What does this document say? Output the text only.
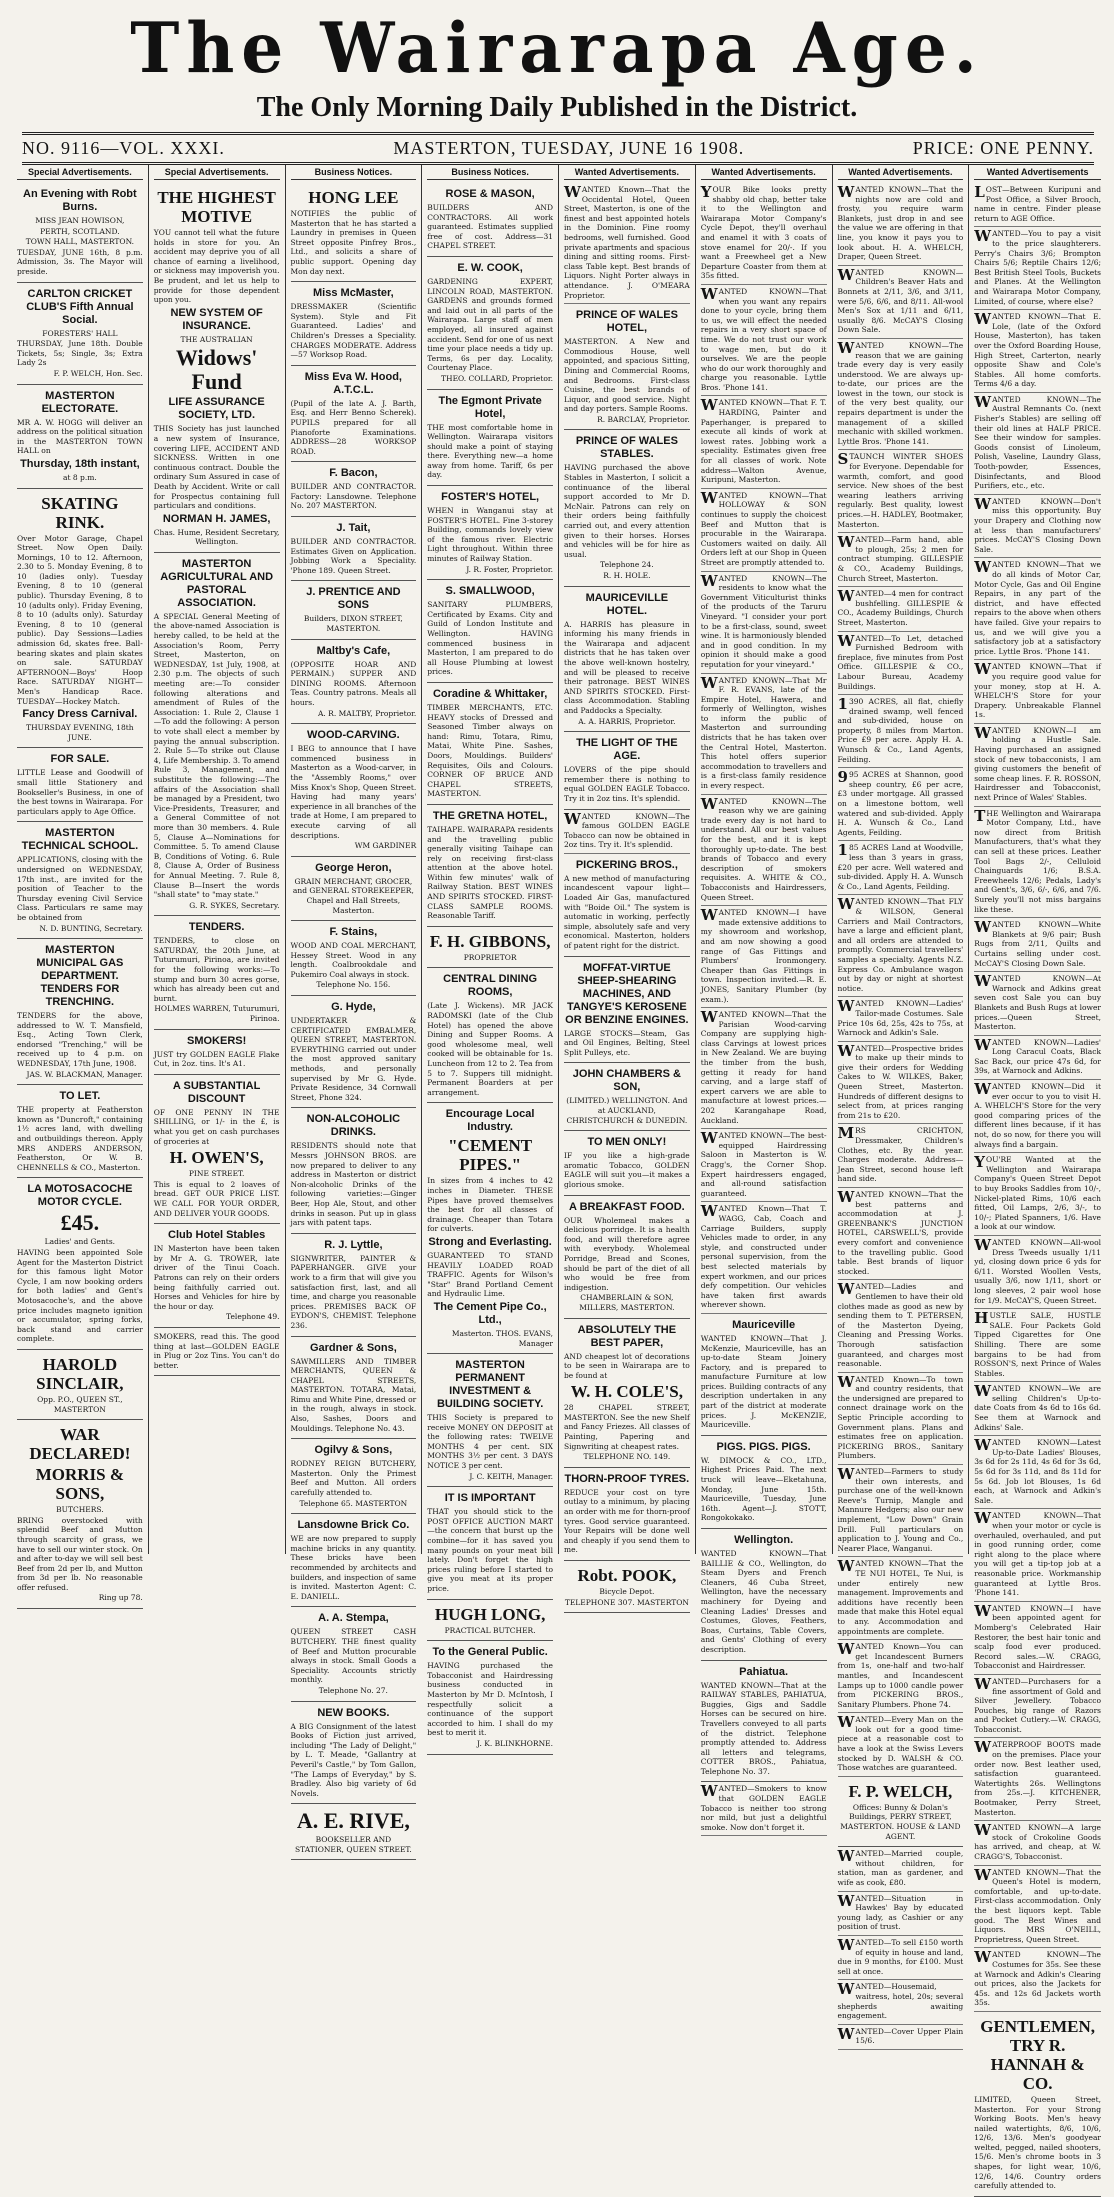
The Wairarapa Age.
The Only Morning Daily Published in the District.
NO. 9116—VOL. XXXI.	MASTERTON, TUESDAY, JUNE 16 1908.	PRICE: ONE PENNY.
Special Advertisements.
An Evening with Robt Burns.

MISS JEAN HOWISON,

PERTH, SCOTLAND.

TOWN HALL, MASTERTON.

TUESDAY, JUNE 16th, 8 p.m. Admission, 3s. The Mayor will preside.

CARLTON CRICKET CLUB'S Fifth Annual Social.

FORESTERS' HALL

THURSDAY, June 18th. Double Tickets, 5s; Single, 3s; Extra Lady 2s

F. P. WELCH, Hon. Sec.

MASTERTON ELECTORATE.

MR A. W. HOGG will deliver an address on the political situation in the MASTERTON TOWN HALL on

Thursday, 18th instant,

at 8 p.m.

SKATING RINK.

Over Motor Garage, Chapel Street. Now Open Daily. Mornings, 10 to 12. Afternoon, 2.30 to 5. Monday Evening, 8 to 10 (ladies only). Tuesday Evening, 8 to 10 (general public). Thursday Evening, 8 to 10 (adults only). Friday Evening, 8 to 10 (adults only). Saturday Evening, 8 to 10 (general public). Day Sessions—Ladies admission 6d, skates free. Ball-bearing skates and plain skates on sale. SATURDAY AFTERNOON—Boys' Hoop Race. SATURDAY NIGHT—Men's Handicap Race. TUESDAY—Hockey Match.

Fancy Dress Carnival.

THURSDAY EVENING, 18th JUNE.

FOR SALE.

LITTLE Lease and Goodwill of small little Stationery and Bookseller's Business, in one of the best towns in Wairarapa. For particulars apply to Age Office.

MASTERTON TECHNICAL SCHOOL.

APPLICATIONS, closing with the undersigned on WEDNESDAY, 17th inst., are invited for the position of Teacher to the Thursday evening Civil Service Class. Particulars re same may be obtained from

N. D. BUNTING, Secretary.

MASTERTON MUNICIPAL GAS DEPARTMENT. TENDERS FOR TRENCHING.

TENDERS for the above, addressed to W. T. Mansfield, Esq., Acting Town Clerk, endorsed "Trenching," will be received up to 4 p.m. on WEDNESDAY, 17th June, 1908.

JAS. W. BLACKMAN, Manager.

TO LET.

THE property at Featherston known as "Duncroft," containing 1½ acres land, with dwelling and outbuildings thereon. Apply MRS ANDERS ANDERSON, Featherston, Or W. B. CHENNELLS & CO., Masterton.

LA MOTOSACOCHE MOTOR CYCLE.
£45.

Ladies' and Gents.

HAVING been appointed Sole Agent for the Masterton District for this famous light Motor Cycle, I am now booking orders for both ladies' and Gent's Motosacoche's, and the above price includes magneto ignition or accumulator, spring forks, back stand and carrier complete.

HAROLD SINCLAIR,

Opp. P.O., QUEEN ST., MASTERTON

WAR DECLARED!
MORRIS & SONS,

BUTCHERS.

BRING overstocked with splendid Beef and Mutton through scarcity of grass, we have to sell our winter stock. On and after to-day we will sell best Beef from 2d per lb, and Mutton from 3d per lb. No reasonable offer refused.

Ring up 78.

Special Advertisements.
THE HIGHEST MOTIVE

YOU cannot tell what the future holds in store for you. An accident may deprive you of all chance of earning a livelihood, or sickness may impoverish you. Be prudent, and let us help to provide for those dependent upon you.

NEW SYSTEM OF INSURANCE.

THE AUSTRALIAN

Widows' Fund
LIFE ASSURANCE SOCIETY, LTD.

THIS Society has just launched a new system of Insurance, covering LIFE, ACCIDENT AND SICKNESS. Written in one continuous contract. Double the ordinary Sum Assured in case of Death by Accident. Write or call for Prospectus containing full particulars and conditions.

NORMAN H. JAMES,

Chas. Hume, Resident Secretary, Wellington.

MASTERTON AGRICULTURAL AND PASTORAL ASSOCIATION.

A SPECIAL General Meeting of the above-named Association is hereby called, to be held at the Association's Room, Perry Street, Masterton, on WEDNESDAY, 1st July, 1908, at 2.30 p.m. The objects of such meeting are:—To consider following alterations and amendment of Rules of the Association: 1. Rule 2, Clause 1—To add the following: A person to vote shall elect a member by paying the annual subscription. 2. Rule 5—To strike out Clause 4, Life Membership. 3. To amend Rule 3, Management, and substitute the following:—The affairs of the Association shall be managed by a President, two Vice-Presidents, Treasurer, and a General Committee of not more than 30 members. 4. Rule 5, Clause A—Nominations for Committee. 5. To amend Clause B, Conditions of Voting. 6. Rule 8, Clause A, Order of Business for Annual Meeting. 7. Rule 8, Clause B—Insert the words "shall state" to "may state."

G. R. SYKES, Secretary.

TENDERS.

TENDERS, to close on SATURDAY, the 20th June, at Tuturumuri, Pirinoa, are invited for the following works:—To stump and burn 30 acres gorse, which has already been cut and burnt.

HOLMES WARREN, Tuturumuri, Pirinoa.

SMOKERS!

JUST try GOLDEN EAGLE Flake Cut, in 2oz. tins. It's A1.

A SUBSTANTIAL DISCOUNT

OF ONE PENNY IN THE SHILLING, or 1/- in the £, is what you get on cash purchases of groceries at

H. OWEN'S,

PINE STREET.

This is equal to 2 loaves of bread. GET OUR PRICE LIST. WE CALL FOR YOUR ORDER, AND DELIVER YOUR GOODS.

Club Hotel Stables

IN Masterton have been taken by Mr A. G. TROWER, late driver of the Tinui Coach. Patrons can rely on their orders being faithfully carried out. Horses and Vehicles for hire by the hour or day.

Telephone 49.

SMOKERS, read this. The good thing at last—GOLDEN EAGLE in Plug or 2oz Tins. You can't do better.

Business Notices.
HONG LEE

NOTIFIES the public of Masterton that he has started a Laundry in premises in Queen Street opposite Pinfrey Bros., Ltd., and solicits a share of public support. Opening day Mon day next.

Miss McMaster,

DRESSMAKER (Scientific System). Style and Fit Guaranteed. Ladies' and Children's Dresses a Speciality. CHARGES MODERATE. Address—57 Worksop Road.

Miss Eva W. Hood, A.T.C.L.

(Pupil of the late A. J. Barth, Esq. and Herr Benno Scherek). PUPILS prepared for all Pianoforte Examinations. ADDRESS—28 WORKSOP ROAD.

F. Bacon,

BUILDER AND CONTRACTOR. Factory: Lansdowne. Telephone No. 207 MASTERTON.

J. Tait,

BUILDER AND CONTRACTOR. Estimates Given on Application. Jobbing Work a Speciality. 'Phone 189. Queen Street.

J. PRENTICE AND SONS

Builders, DIXON STREET, MASTERTON.

Maltby's Cafe,

(OPPOSITE HOAR AND PERMAIN.) SUPPER AND DINING ROOMS. Afternoon Teas. Country patrons. Meals all hours.

A. R. MALTBY, Proprietor.

WOOD-CARVING.

I BEG to announce that I have commenced business in Masterton as a Wood-carver, in the "Assembly Rooms," over Miss Knox's Shop, Queen Street. Having had many years' experience in all branches of the trade at Home, I am prepared to execute carving of all descriptions.

WM GARDINER

George Heron,

GRAIN MERCHANT, GROCER, and GENERAL STOREKEEPER, Chapel and Hall Streets, Masterton.

F. Stains,

WOOD AND COAL MERCHANT, Hessey Street. Wood in any length. Coalbrookdale and Pukemiro Coal always in stock.

Telephone No. 156.

G. Hyde,

UNDERTAKER & CERTIFICATED EMBALMER, QUEEN STREET, MASTERTON. EVERYTHING carried out under the most approved sanitary methods, and personally supervised by Mr G. Hyde. Private Residence, 34 Cornwall Street, Phone 324.

NON-ALCOHOLIC DRINKS.

RESIDENTS should note that Messrs JOHNSON BROS. are now prepared to deliver to any address in Masterton or district Non-alcoholic Drinks of the following varieties:—Ginger Beer, Hop Ale, Stout, and other drinks in season. Put up in glass jars with patent taps.

R. J. Lyttle,

SIGNWRITER, PAINTER & PAPERHANGER. GIVE your work to a firm that will give you satisfaction first, last, and all time, and charge you reasonable prices. PREMISES BACK OF EYDON'S, CHEMIST. Telephone 236.

Gardner & Sons,

SAWMILLERS AND TIMBER MERCHANTS, QUEEN & CHAPEL STREETS, MASTERTON. TOTARA, Matai, Rimu and White Pine, dressed or in the rough, always in stock. Also, Sashes, Doors and Mouldings. Telephone No. 43.

Ogilvy & Sons,

RODNEY REIGN BUTCHERY, Masterton. Only the Primest Beef and Mutton. All orders carefully attended to.

Telephone 65. MASTERTON

Lansdowne Brick Co.

WE are now prepared to supply machine bricks in any quantity. These bricks have been recommended by architects and builders, and inspection of same is invited. Masterton Agent: C. E. DANIELL.

A. A. Stempa,

QUEEN STREET CASH BUTCHERY. THE finest quality of Beef and Mutton procurable always in stock. Small Goods a Speciality. Accounts strictly monthly.

Telephone No. 27.

NEW BOOKS.

A BIG Consignment of the latest Books of Fiction just arrived, including "The Lady of Delight," by L. T. Meade, "Gallantry at Peveril's Castle," by Tom Gallon, "The Lamps of Everyday," by S. Bradley. Also big variety of 6d Novels.

A. E. RIVE,

BOOKSELLER AND STATIONER, QUEEN STREET.

Business Notices.
ROSE & MASON,

BUILDERS AND CONTRACTORS. All work guaranteed. Estimates supplied free of cost. Address—31 CHAPEL STREET.

E. W. COOK,

GARDENING EXPERT, LINCOLN ROAD, MASTERTON. GARDENS and grounds formed and laid out in all parts of the Wairarapa. Large staff of men employed, all insured against accident. Send for one of us next time your place needs a tidy up. Terms, 6s per day. Locality, Courtenay Place.

THEO. COLLARD, Proprietor.

The Egmont Private Hotel,

THE most comfortable home in Wellington. Wairarapa visitors should make a point of staying there. Everything new—a home away from home. Tariff, 6s per day.

FOSTER'S HOTEL,

WHEN in Wanganui stay at FOSTER'S HOTEL. Fine 3-storey Building, commands lovely view of the famous river. Electric Light throughout. Within three minutes of Railway Station.

J. R. Foster, Proprietor.

S. SMALLWOOD,

SANITARY PLUMBERS, Certificated by Exams. City and Guild of London Institute and Wellington. HAVING commenced business in Masterton, I am prepared to do all House Plumbing at lowest prices.

Coradine & Whittaker,

TIMBER MERCHANTS, ETC. HEAVY stocks of Dressed and Seasoned Timber always on hand: Rimu, Totara, Rimu, Matai, White Pine. Sashes, Doors, Mouldings. Builders' Requisites, Oils and Colours. CORNER OF BRUCE AND CHAPEL STREETS, MASTERTON.

THE GRETNA HOTEL,

TAIHAPE. WAIRARAPA residents and the travelling public generally visiting Taihape can rely on receiving first-class attention at the above hotel. Within few minutes' walk of Railway Station. BEST WINES AND SPIRITS STOCKED. FIRST-CLASS SAMPLE ROOMS. Reasonable Tariff.

F. H. GIBBONS,

PROPRIETOR

CENTRAL DINING ROOMS,

(Late J. Wickens). MR JACK RADOMSKI (late of the Club Hotel) has opened the above Dining and Supper Rooms. A good wholesome meal, well cooked will be obtainable for 1s. Luncheon from 12 to 2. Tea from 5 to 7. Suppers till midnight. Permanent Boarders at per arrangement.

Encourage Local Industry.
"CEMENT PIPES."

In sizes from 4 inches to 42 inches in Diameter. THESE Pipes have proved themselves the best for all classes of drainage. Cheaper than Totara for culverts.

Strong and Everlasting.

GUARANTEED TO STAND HEAVILY LOADED ROAD TRAFFIC. Agents for Wilson's "Star" Brand Portland Cement and Hydraulic Lime.

The Cement Pipe Co., Ltd.,

Masterton. THOS. EVANS, Manager

MASTERTON PERMANENT INVESTMENT & BUILDING SOCIETY.

THIS Society is prepared to receive MONEY ON DEPOSIT at the following rates: TWELVE MONTHS 4 per cent. SIX MONTHS 3½ per cent. 3 DAYS NOTICE 3 per cent.

J. C. KEITH, Manager.

IT IS IMPORTANT

THAT you should stick to the POST OFFICE AUCTION MART—the concern that burst up the combine—for it has saved you many pounds on your meat bill lately. Don't forget the high prices ruling before I started to give you meat at its proper price.

HUGH LONG,

PRACTICAL BUTCHER.

To the General Public.

HAVING purchased the Tobacconist and Hairdressing business conducted in Masterton by Mr D. McIntosh, I respectfully solicit a continuance of the support accorded to him. I shall do my best to merit it.

J. K. BLINKHORNE.

Wanted Advertisements.
WANTED Known—That the Occidental Hotel, Queen Street, Masterton, is one of the finest and best appointed hotels in the Dominion. Fine roomy bedrooms, well furnished. Good private apartments and spacious dining and sitting rooms. First-class Table kept. Best brands of Liquors. Night Porter always in attendance. J. O'MEARA Proprietor.
PRINCE OF WALES HOTEL,

MASTERTON. A New and Commodious House, well appointed, and spacious Sitting, Dining and Commercial Rooms, and Bedrooms. First-class Cuisine, the best brands of Liquor, and good service. Night and day porters. Sample Rooms.

R. BARCLAY, Proprietor.

PRINCE OF WALES STABLES.

HAVING purchased the above Stables in Masterton, I solicit a continuance of the liberal support accorded to Mr D. McNair. Patrons can rely on their orders being faithfully carried out, and every attention given to their horses. Horses and vehicles will be for hire as usual.

Telephone 24.

R. H. HOLE.

MAURICEVILLE HOTEL.

A. HARRIS has pleasure in informing his many friends in the Wairarapa and adjacent districts that he has taken over the above well-known hostelry, and will be pleased to receive their patronage. BEST WINES AND SPIRITS STOCKED. First-class Accommodation. Stabling and Paddocks a Specialty.

A. A. HARRIS, Proprietor.

THE LIGHT OF THE AGE.

LOVERS of the pipe should remember there is nothing to equal GOLDEN EAGLE Tobacco. Try it in 2oz tins. It's splendid.

WANTED KNOWN—The famous GOLDEN EAGLE Tobacco can now be obtained in 2oz tins. Try it. It's splendid.
PICKERING BROS.,

A new method of manufacturing incandescent vapour light—Loaded Air Gas, manufactured with "Boide Oil." The system is automatic in working, perfectly simple, absolutely safe and very economical. Masterton, holders of patent right for the district.

MOFFAT-VIRTUE SHEEP-SHEARING MACHINES, AND TANGYE'S KEROSENE OR BENZINE ENGINES.

LARGE STOCKS—Steam, Gas and Oil Engines, Belting, Steel Split Pulleys, etc.

JOHN CHAMBERS & SON,

(LIMITED.) WELLINGTON. And at AUCKLAND, CHRISTCHURCH & DUNEDIN.

TO MEN ONLY!

IF you like a high-grade aromatic Tobacco, GOLDEN EAGLE will suit you—it makes a glorious smoke.

A BREAKFAST FOOD.

OUR Wholemeal makes a delicious porridge. It is a health food, and will therefore agree with everybody. Wholemeal Porridge, Bread and Scones, should be part of the diet of all who would be free from indigestion.

CHAMBERLAIN & SON, MILLERS, MASTERTON.

ABSOLUTELY THE BEST PAPER,

AND cheapest lot of decorations to be seen in Wairarapa are to be found at

W. H. COLE'S,

28 CHAPEL STREET, MASTERTON. See the new Shelf and Fancy Friezes. All classes of Painting, Papering and Signwriting at cheapest rates.

TELEPHONE NO. 149.

THORN-PROOF TYRES.

REDUCE your cost on tyre outlay to a minimum, by placing an order with me for thorn-proof tyres. Good service guaranteed. Your Repairs will be done well and cheaply if you send them to me.

Robt. POOK,

Bicycle Depot.

TELEPHONE 307. MASTERTON

Wanted Advertisements.
YOUR Bike looks pretty shabby old chap, better take it to the Wellington and Wairarapa Motor Company's Cycle Depot, they'll overhaul and enamel it with 3 coats of stove enamel for 20/-. If you want a Freewheel get a New Departure Coaster from them at 35s fitted.
WANTED KNOWN—That when you want any repairs done to your cycle, bring them to us, we will effect the needed repairs in a very short space of time. We do not trust our work to wage men, but do it ourselves. We are the people who do our work thoroughly and charge you reasonable. Lyttle Bros. 'Phone 141.
WANTED KNOWN—That F. T. HARDING, Painter and Paperhanger, is prepared to execute all kinds of work at lowest rates. Jobbing work a speciality. Estimates given free for all classes of work. Note address—Walton Avenue, Kuripuni, Masterton.
WANTED KNOWN—That HOLLOWAY & SON continues to supply the choicest Beef and Mutton that is procurable in the Wairarapa. Customers waited on daily. All Orders left at our Shop in Queen Street are promptly attended to.
WANTED KNOWN—The residents to know what the Government Viticulturist thinks of the products of the Taruru Vineyard. "I consider your port to be a first-class, sound, sweet wine. It is harmoniously blended and in good condition. In my opinion it should make a good reputation for your vineyard."
WANTED KNOWN—That Mr F. R. EVANS, late of the Empire Hotel, Hawera, and formerly of Wellington, wishes to inform the public of Masterton and surrounding districts that he has taken over the Central Hotel, Masterton. This hotel offers superior accommodation to travellers and is a first-class family residence in every respect.
WANTED KNOWN—The reason why we are gaining trade every day is not hard to understand. All our best values for the best, and it is kept thoroughly up-to-date. The best brands of Tobacco and every description of smokers requisites. A. WHITE & CO., Tobacconists and Hairdressers, Queen Street.
WANTED KNOWN—I have made extensive additions to my showroom and workshop, and am now showing a good range of Gas Fittings and Plumbers' Ironmongery. Cheaper than Gas Fittings in town. Inspection invited.—R. E. JONES, Sanitary Plumber (by exam.).
WANTED KNOWN—That the Parisian Wood-carving Company are supplying high-class Carvings at lowest prices in New Zealand. We are buying the timber from the bush, getting it ready for hand carving, and a large staff of expert carvers we are able to manufacture at lowest prices.—202 Karangahape Road, Auckland.
WANTED KNOWN—The best-equipped Hairdressing Saloon in Masterton is W. Cragg's, the Corner Shop. Expert hairdressers engaged, and all-round satisfaction guaranteed.
WANTED Known—That T. WAGG, Cab, Coach and Carriage Builders, supply Vehicles made to order, in any style, and constructed under personal supervision, from the best selected materials by expert workmen, and our prices defy competition. Our vehicles have taken first awards wherever shown.
Mauriceville

WANTED KNOWN—That J. McKenzie, Mauriceville, has an up-to-date Steam Joinery Factory, and is prepared to manufacture Furniture at low prices. Building contracts of any description undertaken in any part of the district at moderate prices. J. McKENZIE, Mauriceville.

PIGS. PIGS. PIGS.

W. DIMOCK & CO., LTD., Highest Prices Paid. The next truck will leave—Eketahuna, Monday, June 15th. Mauriceville, Tuesday, June 16th. Agent—J. STOTT, Rongokokako.

Wellington.

WANTED KNOWN—That BAILLIE & CO., Wellington, do Steam Dyers and French Cleaners, 46 Cuba Street, Wellington, have the necessary machinery for Dyeing and Cleaning Ladies' Dresses and Costumes, Gloves, Feathers, Boas, Curtains, Table Covers, and Gents' Clothing of every description.

Pahiatua.

WANTED KNOWN—That at the RAILWAY STABLES, PAHIATUA, Buggies, Gigs and Saddle Horses can be secured on hire. Travellers conveyed to all parts of the district. Telephone promptly attended to. Address all letters and telegrams, COTTER BROS., Pahiatua, Telephone No. 37.

WANTED—Smokers to know that GOLDEN EAGLE Tobacco is neither too strong nor mild, but just a delightful smoke. Now don't forget it.
Wanted Advertisements.
WANTED KNOWN—That the nights now are cold and frosty, you require warm Blankets, just drop in and see the value we are offering in that line, you know it pays you to look about. H. A. WHELCH, Draper, Queen Street.
WANTED KNOWN—Children's Beaver Hats and Bonnets at 2/11, 3/6, and 3/11, were 5/6, 6/6, and 8/11. All-wool Men's Sox at 1/11 and 6/11, usually 8/6. McCAY'S Closing Down Sale.
WANTED KNOWN—The reason that we are gaining trade every day is very easily understood. We are always up-to-date, our prices are the lowest in the town, our stock is of the very best quality, our repairs department is under the management of a skilled mechanic with skilled workmen. Lyttle Bros. 'Phone 141.
STAUNCH WINTER SHOES for Everyone. Dependable for warmth, comfort, and good service. New shoes of the best wearing leathers arriving regularly. Best quality, lowest prices.—H. HADLEY, Bootmaker, Masterton.
WANTED—Farm hand, able to plough, 25s; 2 men for contract stumping. GILLESPIE & CO., Academy Buildings, Church Street, Masterton.
WANTED—4 men for contract bushfelling. GILLESPIE & CO., Academy Buildings, Church Street, Masterton.
WANTED—To Let, detached Furnished Bedroom with fireplace, five minutes from Post Office. GILLESPIE & CO., Labour Bureau, Academy Buildings.
1390 ACRES, all flat, chiefly drained swamp, well fenced and sub-divided, house on property, 8 miles from Marton. Price £9 per acre. Apply H. A. Wunsch & Co., Land Agents, Feilding.
995 ACRES at Shannon, good sheep country, £6 per acre, £3 under mortgage. All grassed on a limestone bottom, well watered and sub-divided. Apply H. A. Wunsch & Co., Land Agents, Feilding.
185 ACRES Land at Woodville, less than 3 years in grass, £20 per acre. Well watered and sub-divided. Apply H. A. Wunsch & Co., Land Agents, Feilding.
WANTED KNOWN—That FLY & WILSON, General Carriers and Mail Contractors, have a large and efficient plant, and all orders are attended to promptly. Commercial travellers' samples a specialty. Agents N.Z. Express Co. Ambulance wagon out by day or night at shortest notice.
WANTED KNOWN—Ladies' Tailor-made Costumes. Sale Price 10s 6d, 25s, 42s to 75s, at Warnock and Adkin's Sale.
WANTED—Prospective brides to make up their minds to give their orders for Wedding Cakes to W. WILKES, Baker, Queen Street, Masterton. Hundreds of different designs to select from, at prices ranging from 21s to £20.
MRS CRICHTON, Dressmaker, Children's Clothes, etc. By the year. Charges moderate. Address—Jean Street, second house left hand side.
WANTED KNOWN—That the best patterns and accommodation at J. GREENBANK'S JUNCTION HOTEL, CARSWELL'S, provide every comfort and convenience to the travelling public. Good table. Best brands of liquor stocked.
WANTED—Ladies and Gentlemen to have their old clothes made as good as new by sending them to T. PETERSEN, of the Masterton Dyeing, Cleaning and Pressing Works. Thorough satisfaction guaranteed, and charges most reasonable.
WANTED Known—To town and country residents, that the undersigned are prepared to connect drainage work on the Septic Principle according to Government plans. Plans and estimates free on application. PICKERING BROS., Sanitary Plumbers.
WANTED—Farmers to study their own interests, and purchase one of the well-known Reeve's Turnip, Mangle and Mannure Hedgers; also our new implement, "Low Down" Grain Drill. Full particulars on application to J. Young and Co., Nearer Place, Wanganui.
WANTED KNOWN—That the TE NUI HOTEL, Te Nui, is under entirely new management. Improvements and additions have recently been made that make this Hotel equal to any. Accommodation and appointments are complete.
WANTED Known—You can get Incandescent Burners from 1s, one-half and two-half mantles, and Incandescent Lamps up to 1000 candle power from PICKERING BROS., Sanitary Plumbers. Phone 74.
WANTED—Every Man on the look out for a good time-piece at a reasonable cost to have a look at the Swiss Levers stocked by D. WALSH & CO. Those watches are guaranteed.
F. P. WELCH,

Offices: Bunny & Dolan's Buildings, PERRY STREET, MASTERTON. HOUSE & LAND AGENT.

WANTED—Married couple, without children, for station, man as gardener, and wife as cook, £80.
WANTED—Situation in Hawkes' Bay by educated young lady, as Cashier or any position of trust.
WANTED—To sell £150 worth of equity in house and land, due in 9 months, for £100. Must sell at once.
WANTED—Housemaid, waitress, hotel, 20s; several shepherds awaiting engagement.
WANTED—Cover Upper Plain 15/6.
Wanted Advertisements
LOST—Between Kuripuni and Post Office, a Silver Brooch, name in centre. Finder please return to AGE Office.
WANTED—You to pay a visit to the price slaughterers. Perry's Chairs 3/6; Brompton Chairs 5/6; Reptile Chairs 12/6; Best British Steel Tools, Buckets and Planes. At the Wellington and Wairarapa Motor Company, Limited, of course, where else?
WANTED KNOWN—That E. Lole, (late of the Oxford House, Masterton), has taken over the Oxford Boarding House, High Street, Carterton, nearly opposite Shaw and Cole's Stables. All home comforts. Terms 4/6 a day.
WANTED KNOWN—The Austral Remnants Co. (next Fisher's Stables) are selling off their old lines at HALF PRICE. See their window for samples. Goods consist of Linoleum, Polish, Vaseline, Laundry Glass, Tooth-powder, Essences, Disinfectants, and Blood Purifiers, etc., etc.
WANTED KNOWN—Don't miss this opportunity. Buy your Drapery and Clothing now at less than manufacturers' prices. McCAY'S Closing Down Sale.
WANTED KNOWN—That we do all kinds of Motor Car, Motor Cycle, Gas and Oil Engine Repairs, in any part of the district, and have effected repairs to the above when others have failed. Give your repairs to us, and we will give you a satisfactory job at a satisfactory price. Lyttle Bros. 'Phone 141.
WANTED KNOWN—That if you require good value for your money, stop at H. A. WHELCH'S Store for your Drapery. Unbreakable Flannel 1s.
WANTED KNOWN—I am holding a Hustle Sale. Having purchased an assigned stock of new tobacconists, I am giving customers the benefit of some cheap lines. F. R. ROSSON, Hairdresser and Tobacconist, next Prince of Wales' Stables.
THE Wellington and Wairarapa Motor Company, Ltd., have now direct from British Manufacturers, that's what they can sell at these prices. Leather Tool Bags 2/-, Celluloid Chainguards 1/6; B.S.A. Freewheels 12/6; Pedals, Lady's and Gent's, 3/6, 6/-, 6/6, and 7/6. Surely you'll not miss bargains like these.
WANTED KNOWN—White Blankets at 9/6 pair; Bush Rugs from 2/11, Quilts and Curtains selling under cost. McCAY'S Closing Down Sale.
WANTED KNOWN—At Warnock and Adkins great seven cost Sale you can buy Blankets and Bush Rugs at lower prices.—Queen Street, Masterton.
WANTED KNOWN—Ladies' Long Caracul Coats, Black Sac Back, our price 47s 6d, for 39s, at Warnock and Adkins.
WANTED KNOWN—Did it ever occur to you to visit H. A. WHELCH'S Store for the very good comparing prices of the different lines because, if it has not, do so now, for there you will always find a bargain.
YOU'RE Wanted at the Wellington and Wairarapa Company's Queen Street Depot to buy Brooks Saddles from 10/-, Nickel-plated Rims, 10/6 each fitted, Oil Lamps, 2/6, 3/-, to 10/-; Plated Spanners, 1/6. Have a look at our window.
WANTED KNOWN—All-wool Dress Tweeds usually 1/11 yd, closing down price 6 yds for 6/11. Worsted Woollen Vests, usually 3/6, now 1/11, short or long sleeves, 2 pair wool hose for 1/9. McCAY'S, Queen Street.
HUSTLE SALE, HUSTLE SALE. Four Packets Gold Tipped Cigarettes for One Shilling. There are some bargains to be had from ROSSON'S, next Prince of Wales Stables.
WANTED KNOWN—We are selling Children's Up-to-date Coats from 4s 6d to 16s 6d. See them at Warnock and Adkins' Sale.
WANTED KNOWN—Latest Up-to-Date Ladies' Blouses, 3s 6d for 2s 11d, 4s 6d for 3s 6d, 5s 6d for 3s 11d, and 8s 11d for 5s 6d. Job lot Blouses, 1s 6d each, at Warnock and Adkin's Sale.
WANTED KNOWN—That when your motor or cycle is overhauled, overhauled, and put in good running order, come right along to the place where you will get a tip-top job at a reasonable price. Workmanship guaranteed at Lyttle Bros. 'Phone 141.
WANTED KNOWN—I have been appointed agent for Momberg's Celebrated Hair Restorer, the best hair tonic and scalp food ever produced. Record sales.—W. CRAGG, Tobacconist and Hairdresser.
WANTED—Purchasers for a fine assortment of Gold and Silver Jewellery. Tobacco Pouches, big range of Razors and Pocket Cutlery.—W. CRAGG, Tobacconist.
WATERPROOF BOOTS made on the premises. Place your order now. Best leather used, satisfaction guaranteed. Watertights 26s. Wellingtons from 25s.—J. KITCHENER, Bootmaker, Perry Street, Masterton.
WANTED KNOWN—A large stock of Crokoline Goods has arrived, and cheap, at W. CRAGG'S, Tobacconist.
WANTED KNOWN—That the Queen's Hotel is modern, comfortable, and up-to-date. First-class accommodation. Only the best liquors kept. Table good. The Best Wines and Liquors. MRS O'NEILL, Proprietress, Queen Street.
WANTED KNOWN—The Costumes for 35s. See these at Warnock and Adkin's Clearing out prices, also the Jackets for 45s. and 12s 6d Jackets worth 35s.
GENTLEMEN, TRY R. HANNAH & CO.

LIMITED, Queen Street, Masterton. For your Strong Working Boots. Men's heavy nailed watertights, 8/6, 10/6, 12/6, 13/6. Men's goodyear welted, pegged, nailed shooters, 15/6. Men's chrome boots in 3 shapes, for light wear, 10/6, 12/6, 14/6. Country orders carefully attended to.
